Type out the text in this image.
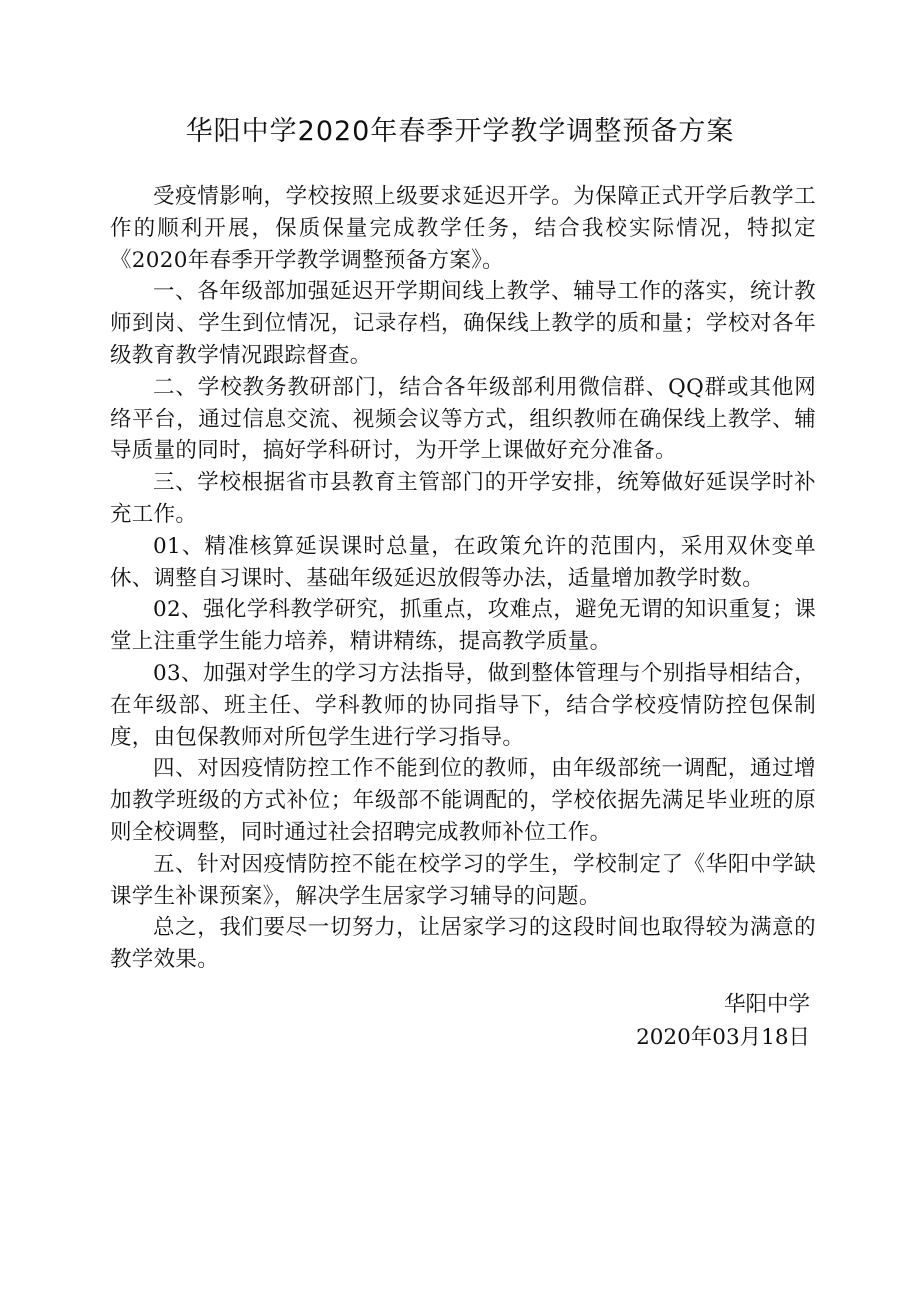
华阳中学2020年春季开学教学调整预备方案

受疫情影响，学校按照上级要求延迟开学。为保障正式开学后教学工作的顺利开展，保质保量完成教学任务，结合我校实际情况，特拟定《2020年春季开学教学调整预备方案》。

一、各年级部加强延迟开学期间线上教学、辅导工作的落实，统计教师到岗、学生到位情况，记录存档，确保线上教学的质和量；学校对各年级教育教学情况跟踪督查。

二、学校教务教研部门，结合各年级部利用微信群、QQ群或其他网络平台，通过信息交流、视频会议等方式，组织教师在确保线上教学、辅导质量的同时，搞好学科研讨，为开学上课做好充分准备。

三、学校根据省市县教育主管部门的开学安排，统筹做好延误学时补充工作。

01、精准核算延误课时总量，在政策允许的范围内，采用双休变单休、调整自习课时、基础年级延迟放假等办法，适量增加教学时数。

02、强化学科教学研究，抓重点，攻难点，避免无谓的知识重复；课堂上注重学生能力培养，精讲精练，提高教学质量。

03、加强对学生的学习方法指导，做到整体管理与个别指导相结合，在年级部、班主任、学科教师的协同指导下，结合学校疫情防控包保制度，由包保教师对所包学生进行学习指导。

四、对因疫情防控工作不能到位的教师，由年级部统一调配，通过增加教学班级的方式补位；年级部不能调配的，学校依据先满足毕业班的原则全校调整，同时通过社会招聘完成教师补位工作。

五、针对因疫情防控不能在校学习的学生，学校制定了《华阳中学缺课学生补课预案》，解决学生居家学习辅导的问题。

总之，我们要尽一切努力，让居家学习的这段时间也取得较为满意的教学效果。

华阳中学
2020年03月18日
